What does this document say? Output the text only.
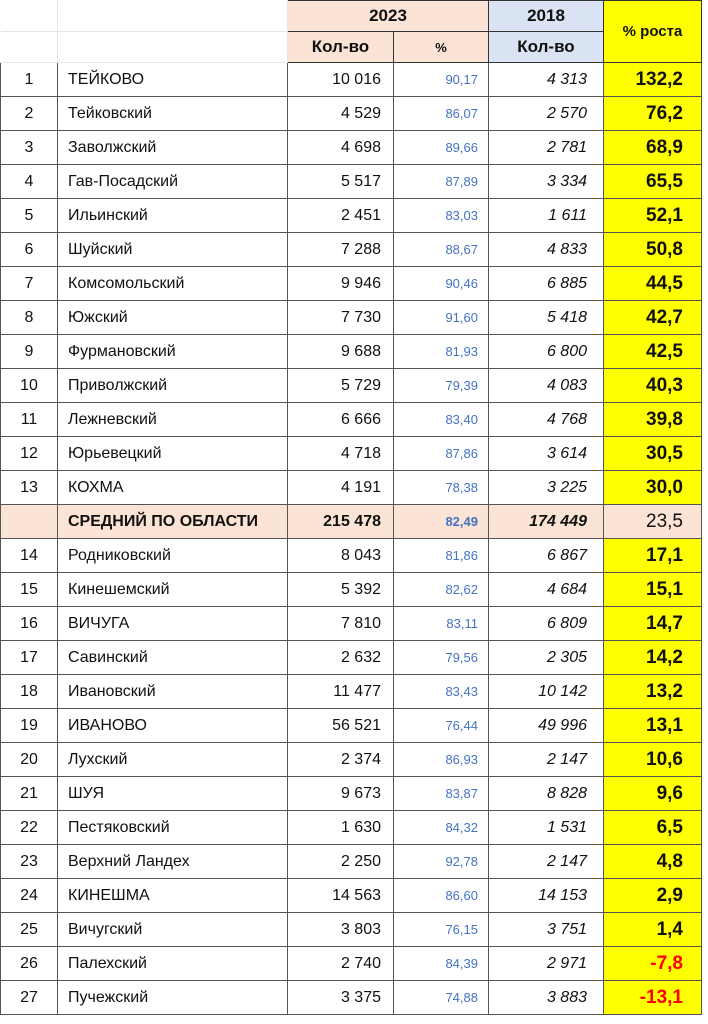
		2023		2018	% роста
		Кол-во	%	Кол-во	
1	ТЕЙКОВО	10 016	90,17	4 313	132,2
2	Тейковский	4 529	86,07	2 570	76,2
3	Заволжский	4 698	89,66	2 781	68,9
4	Гав-Посадский	5 517	87,89	3 334	65,5
5	Ильинский	2 451	83,03	1 611	52,1
6	Шуйский	7 288	88,67	4 833	50,8
7	Комсомольский	9 946	90,46	6 885	44,5
8	Южский	7 730	91,60	5 418	42,7
9	Фурмановский	9 688	81,93	6 800	42,5
10	Приволжский	5 729	79,39	4 083	40,3
11	Лежневский	6 666	83,40	4 768	39,8
12	Юрьевецкий	4 718	87,86	3 614	30,5
13	КОХМА	4 191	78,38	3 225	30,0
	СРЕДНИЙ ПО ОБЛАСТИ	215 478	82,49	174 449	23,5
14	Родниковский	8 043	81,86	6 867	17,1
15	Кинешемский	5 392	82,62	4 684	15,1
16	ВИЧУГА	7 810	83,11	6 809	14,7
17	Савинский	2 632	79,56	2 305	14,2
18	Ивановский	11 477	83,43	10 142	13,2
19	ИВАНОВО	56 521	76,44	49 996	13,1
20	Лухский	2 374	86,93	2 147	10,6
21	ШУЯ	9 673	83,87	8 828	9,6
22	Пестяковский	1 630	84,32	1 531	6,5
23	Верхний Ландех	2 250	92,78	2 147	4,8
24	КИНЕШМА	14 563	86,60	14 153	2,9
25	Вичугский	3 803	76,15	3 751	1,4
26	Палехский	2 740	84,39	2 971	-7,8
27	Пучежский	3 375	74,88	3 883	-13,1
